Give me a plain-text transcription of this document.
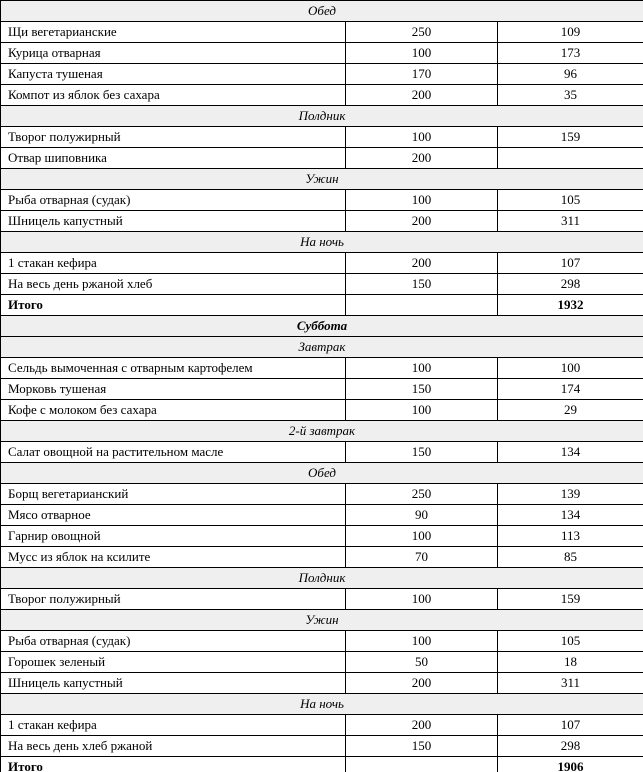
Обед		
Щи вегетарианские	250	109
Курица отварная	100	173
Капуста тушеная	170	96
Компот из яблок без сахара	200	35
Полдник		
Творог полужирный	100	159
Отвар шиповника	200	
Ужин		
Рыба отварная (судак)	100	105
Шницель капустный	200	311
На ночь		
1 стакан кефира	200	107
На весь день ржаной хлеб	150	298
Итого		1932
Суббота		
Завтрак		
Сельдь вымоченная с отварным картофелем	100	100
Морковь тушеная	150	174
Кофе с молоком без сахара	100	29
2-й завтрак		
Салат овощной на растительном масле	150	134
Обед		
Борщ вегетарианский	250	139
Мясо отварное	90	134
Гарнир овощной	100	113
Мусс из яблок на ксилите	70	85
Полдник		
Творог полужирный	100	159
Ужин		
Рыба отварная (судак)	100	105
Горошек зеленый	50	18
Шницель капустный	200	311
На ночь		
1 стакан кефира	200	107
На весь день хлеб ржаной	150	298
Итого		1906
